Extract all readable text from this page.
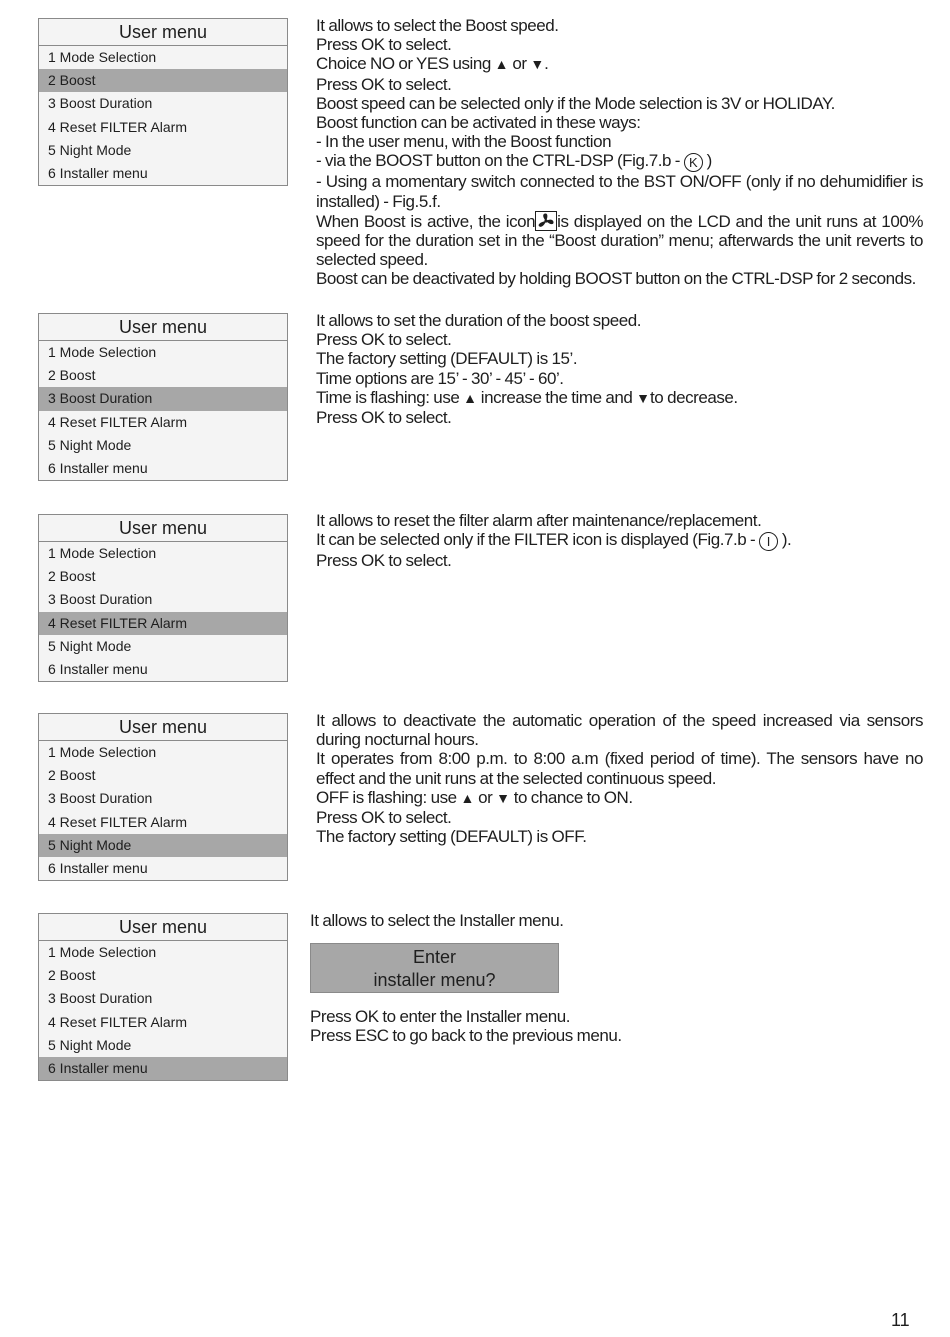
User menu
1 Mode Selection
2 Boost
3 Boost Duration
4 Reset FILTER Alarm
5 Night Mode
6 Installer menu

It allows to select the Boost speed.

Press OK to select.

Choice NO or YES using ▲ or ▼.

Press OK to select.

Boost speed can be selected only if the Mode selection is 3V or HOLIDAY.

Boost function can be activated in these ways:

- In the user menu, with the Boost function

- via the BOOST button on the CTRL-DSP (Fig.7.b - K )

- Using a momentary switch connected to the BST ON/OFF (only if no dehumidifier is installed) - Fig.5.f.

When Boost is active, the icon is displayed on the LCD and the unit runs at 100% speed for the duration set in the “Boost duration” menu; afterwards the unit reverts to selected speed.

Boost can be deactivated by holding BOOST button on the CTRL-DSP for 2 seconds.

User menu
1 Mode Selection
2 Boost
3 Boost Duration
4 Reset FILTER Alarm
5 Night Mode
6 Installer menu

It allows to set the duration of the boost speed.

Press OK to select.

The factory setting (DEFAULT) is 15’.

Time options are 15’ - 30’ - 45’ - 60’.

Time is flashing: use ▲ increase the time and ▼to decrease.

Press OK to select.

User menu
1 Mode Selection
2 Boost
3 Boost Duration
4 Reset FILTER Alarm
5 Night Mode
6 Installer menu

It allows to reset the filter alarm after maintenance/replacement.

It can be selected only if the FILTER icon is displayed (Fig.7.b - I ).

Press OK to select.

User menu
1 Mode Selection
2 Boost
3 Boost Duration
4 Reset FILTER Alarm
5 Night Mode
6 Installer menu

It allows to deactivate the automatic operation of the speed increased via sensors during nocturnal hours.

It operates from 8:00 p.m. to 8:00 a.m (fixed period of time). The sensors have no effect and the unit runs at the selected continuous speed.

OFF is flashing: use ▲ or ▼ to chance to ON.

Press OK to select.

The factory setting (DEFAULT) is OFF.

User menu
1 Mode Selection
2 Boost
3 Boost Duration
4 Reset FILTER Alarm
5 Night Mode
6 Installer menu

It allows to select the Installer menu.

Enter
installer menu?

Press OK to enter the Installer menu.

Press ESC to go back to the previous menu.

11
